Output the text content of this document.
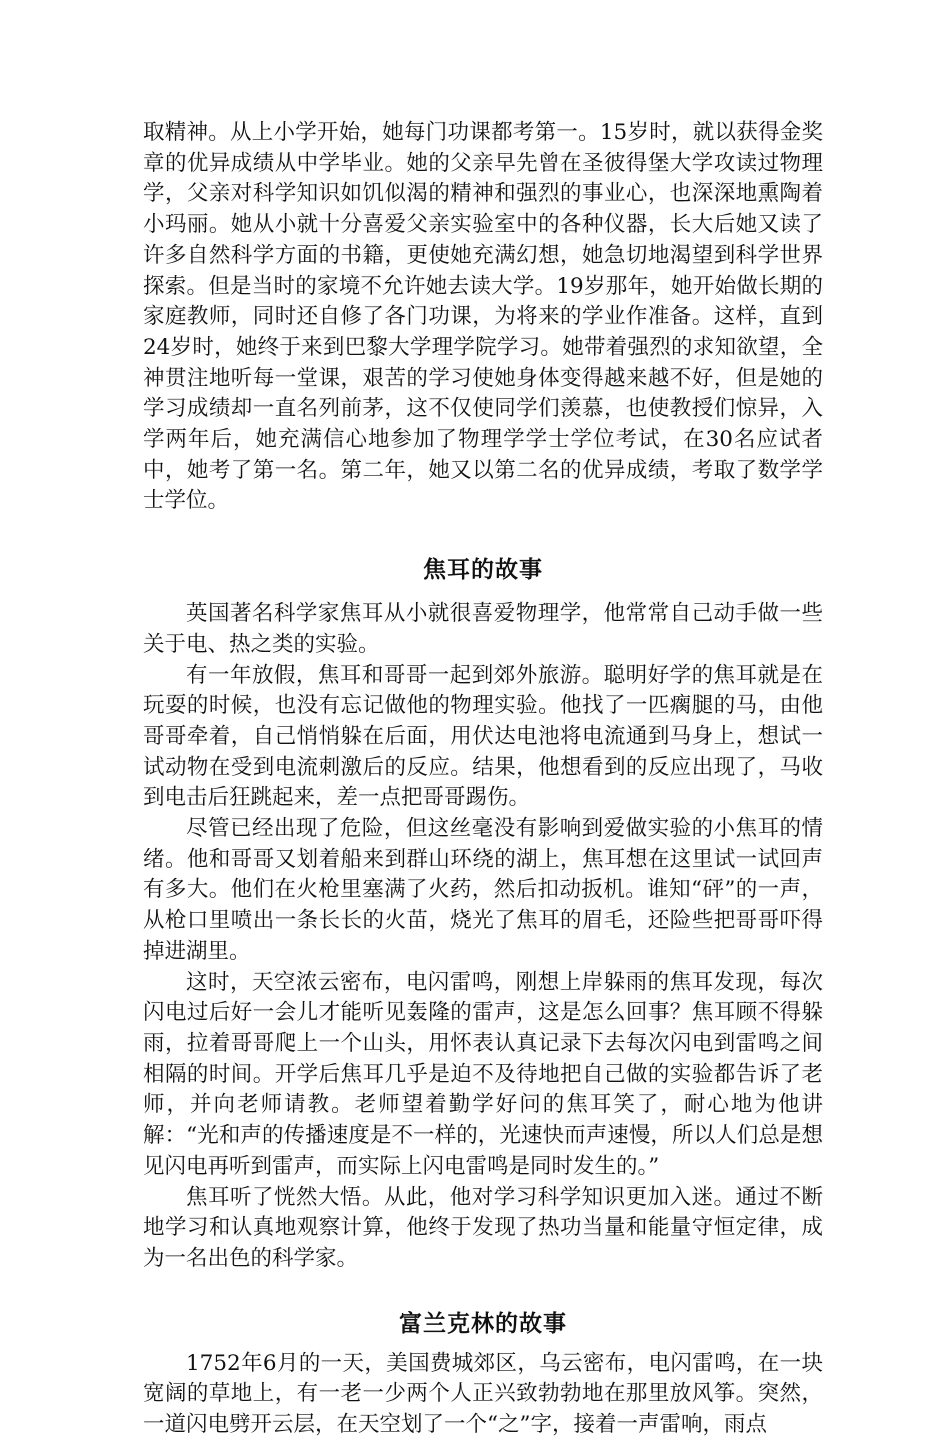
取精神。从上小学开始，她每门功课都考第一。15岁时，就以获得金奖章的优异成绩从中学毕业。她的父亲早先曾在圣彼得堡大学攻读过物理学，父亲对科学知识如饥似渴的精神和强烈的事业心，也深深地熏陶着小玛丽。她从小就十分喜爱父亲实验室中的各种仪器，长大后她又读了许多自然科学方面的书籍，更使她充满幻想，她急切地渴望到科学世界探索。但是当时的家境不允许她去读大学。19岁那年，她开始做长期的家庭教师，同时还自修了各门功课，为将来的学业作准备。这样，直到24岁时，她终于来到巴黎大学理学院学习。她带着强烈的求知欲望，全神贯注地听每一堂课，艰苦的学习使她身体变得越来越不好，但是她的学习成绩却一直名列前茅，这不仅使同学们羡慕，也使教授们惊异，入学两年后，她充满信心地参加了物理学学士学位考试，在30名应试者中，她考了第一名。第二年，她又以第二名的优异成绩，考取了数学学士学位。

焦耳的故事

英国著名科学家焦耳从小就很喜爱物理学，他常常自己动手做一些关于电、热之类的实验。

有一年放假，焦耳和哥哥一起到郊外旅游。聪明好学的焦耳就是在玩耍的时候，也没有忘记做他的物理实验。他找了一匹瘸腿的马，由他哥哥牵着，自己悄悄躲在后面，用伏达电池将电流通到马身上，想试一试动物在受到电流刺激后的反应。结果，他想看到的反应出现了，马收到电击后狂跳起来，差一点把哥哥踢伤。

尽管已经出现了危险，但这丝毫没有影响到爱做实验的小焦耳的情绪。他和哥哥又划着船来到群山环绕的湖上，焦耳想在这里试一试回声有多大。他们在火枪里塞满了火药，然后扣动扳机。谁知“砰”的一声，从枪口里喷出一条长长的火苗，烧光了焦耳的眉毛，还险些把哥哥吓得掉进湖里。

这时，天空浓云密布，电闪雷鸣，刚想上岸躲雨的焦耳发现，每次闪电过后好一会儿才能听见轰隆的雷声，这是怎么回事？焦耳顾不得躲雨，拉着哥哥爬上一个山头，用怀表认真记录下去每次闪电到雷鸣之间相隔的时间。开学后焦耳几乎是迫不及待地把自己做的实验都告诉了老师，并向老师请教。老师望着勤学好问的焦耳笑了，耐心地为他讲解：“光和声的传播速度是不一样的，光速快而声速慢，所以人们总是想见闪电再听到雷声，而实际上闪电雷鸣是同时发生的。”

焦耳听了恍然大悟。从此，他对学习科学知识更加入迷。通过不断地学习和认真地观察计算，他终于发现了热功当量和能量守恒定律，成为一名出色的科学家。

富兰克林的故事

1752年6月的一天，美国费城郊区，乌云密布，电闪雷鸣，在一块宽阔的草地上，有一老一少两个人正兴致勃勃地在那里放风筝。突然，一道闪电劈开云层，在天空划了一个“之”字，接着一声雷响，雨点
